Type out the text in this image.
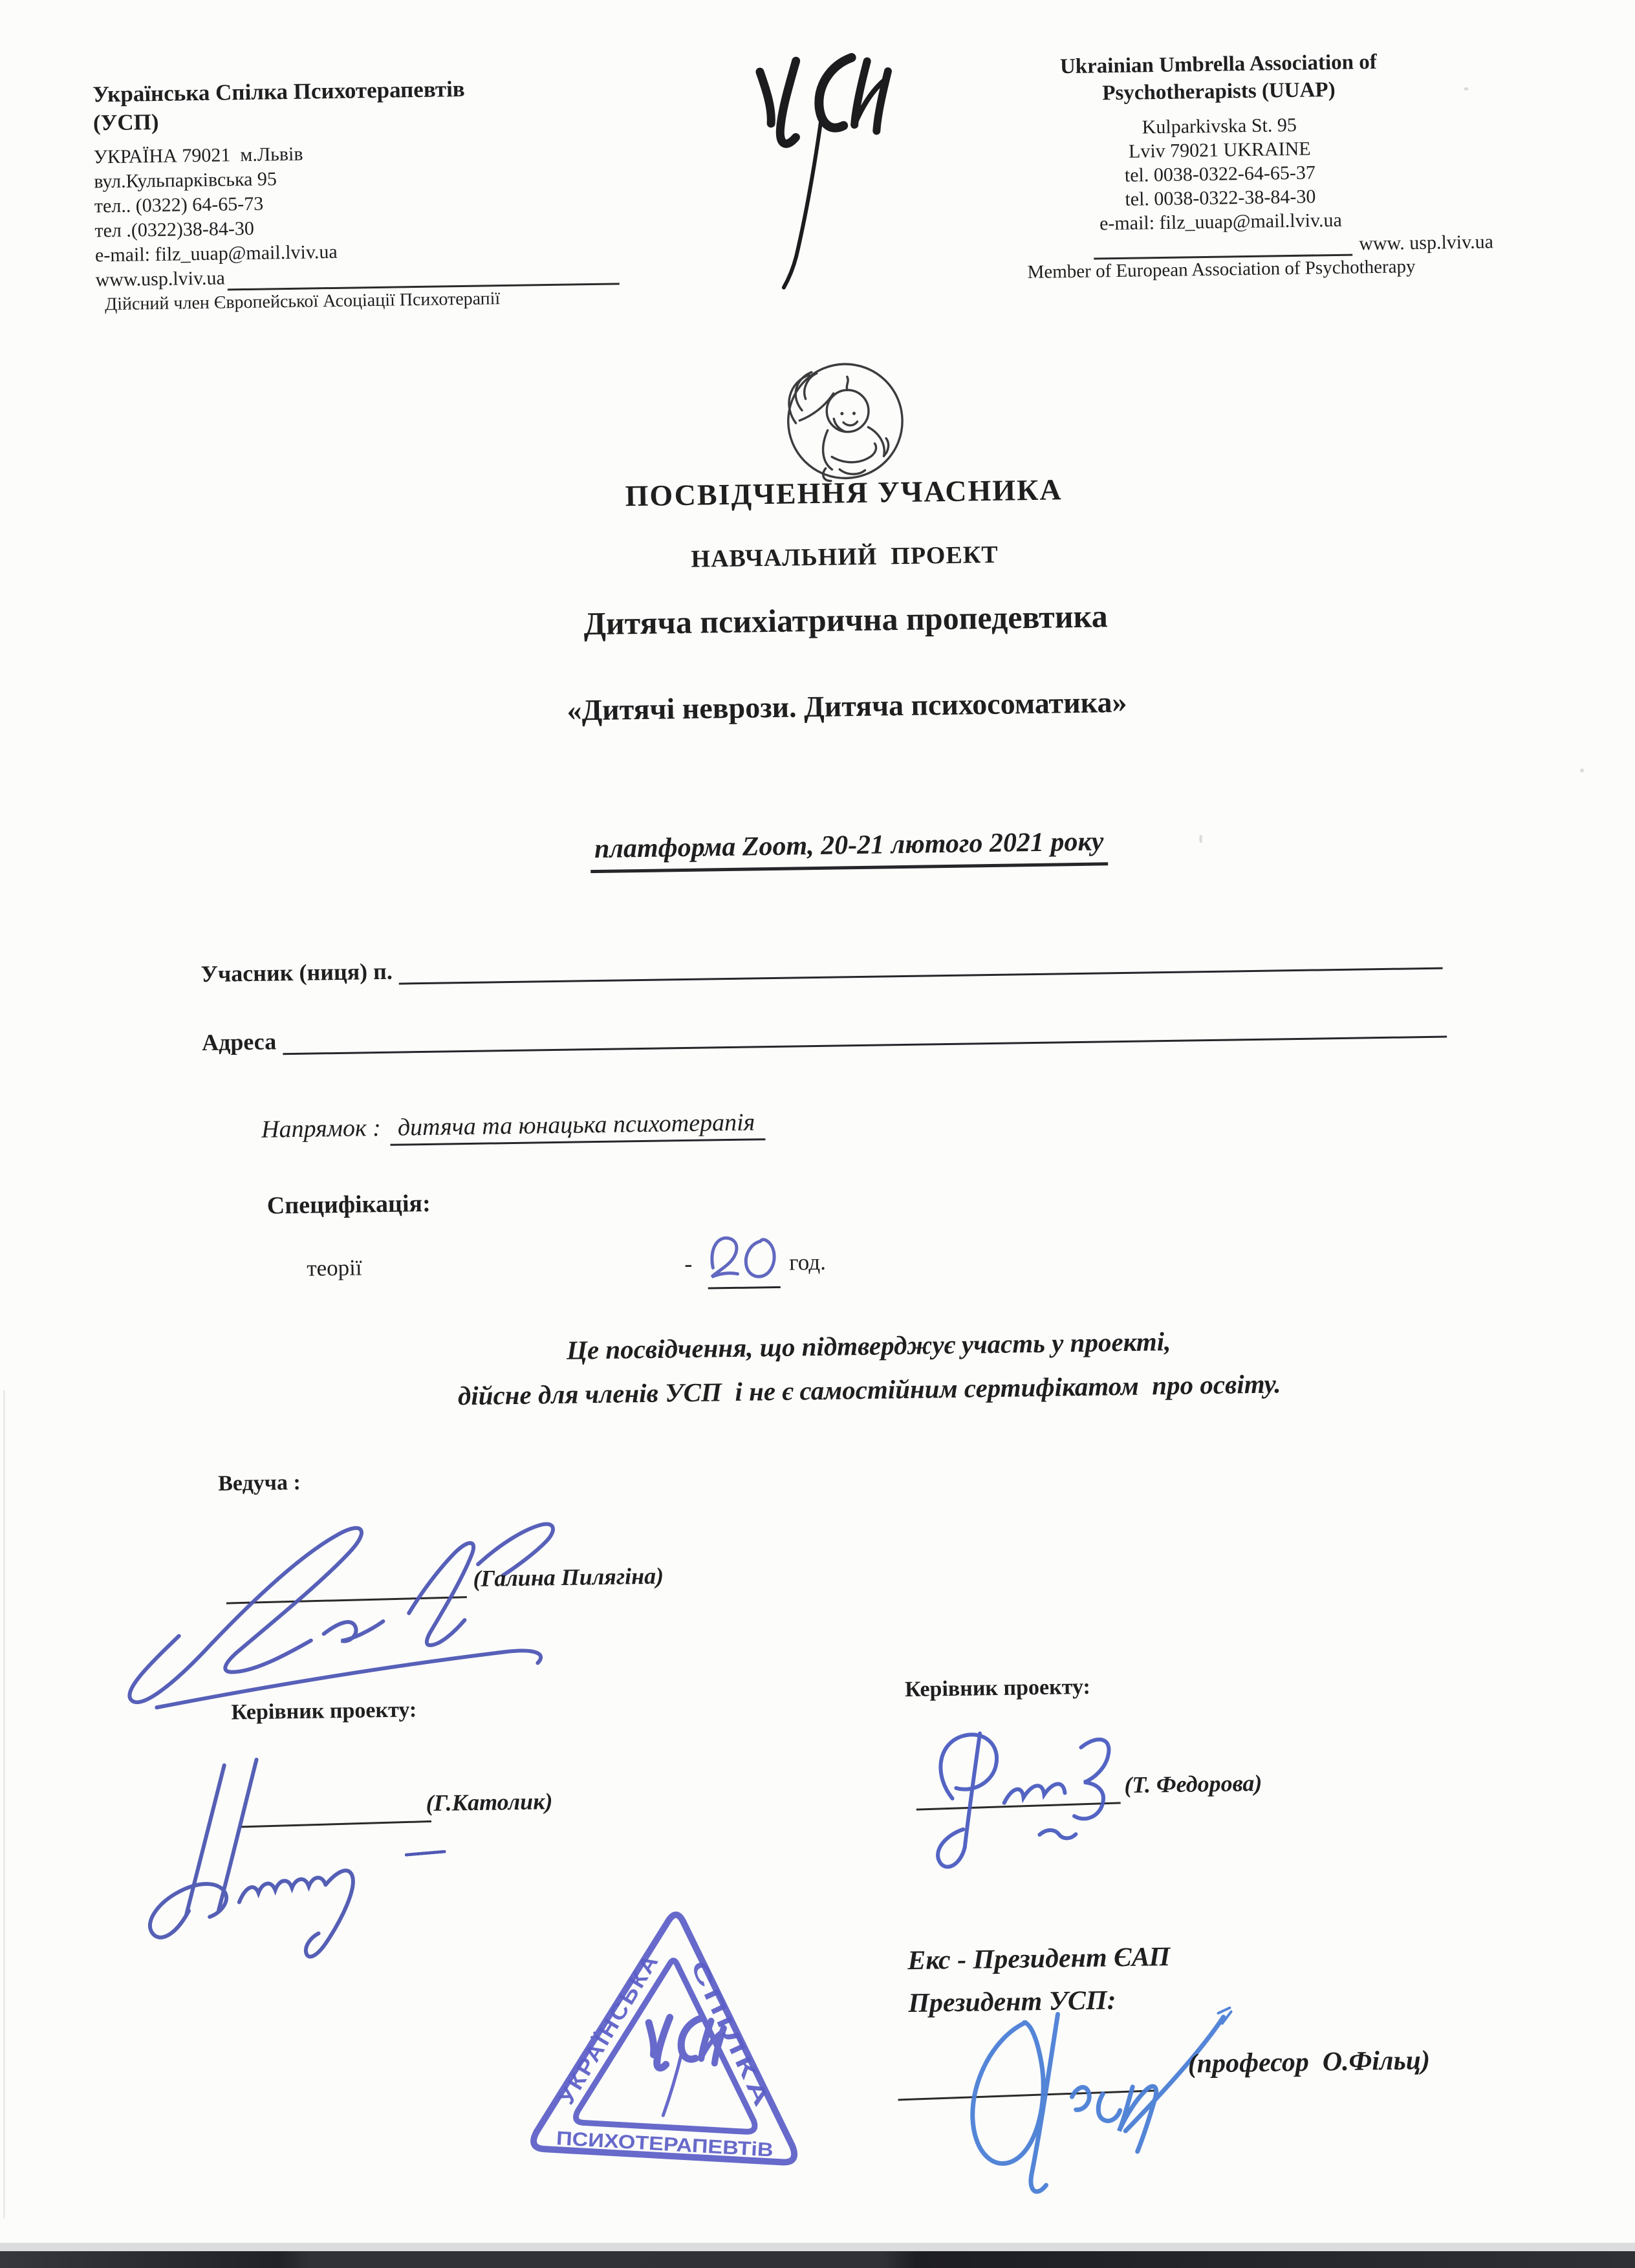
Українська Спілка Психотерапевтів
(УСП)
УКРАЇНА 79021  м.Львів
вул.Кульпарківська 95
тел.. (0322) 64-65-73
тел .(0322)38-84-30
e-mail: filz_uuap@mail.lviv.ua
www.usp.lviv.ua
Дійсний член Європейської Асоціації Психотерапії
Ukrainian Umbrella Association of
Psychotherapists (UUAP)
Kulparkivska St. 95
Lviv 79021 UKRAINE
tel. 0038-0322-64-65-37
tel. 0038-0322-38-84-30
e-mail: filz_uuap@mail.lviv.ua
www. usp.lviv.ua
Member of European Association of Psychotherapy
ПОСВІДЧЕННЯ УЧАСНИКА
НАВЧАЛЬНИЙ  ПРОЕКТ
Дитяча психіатрична пропедевтика
«Дитячі неврози. Дитяча психосоматика»
платформа Zoom, 20-21 лютого 2021 року
Учасник (ниця) п.
Адреса
Напрямок : дитяча та юнацька психотерапія
Специфікація:
теорії	-	год.
Це посвідчення, що підтверджує участь у проекті,
дійсне для членів УСП  і не є самостійним сертифікатом  про освіту.
Ведуча :
(Галина Пилягіна)
Керівник проекту:
(Г.Католик)
Керівник проекту:
(Т. Федорова)
УКРАЇНСЬКА	СПІЛКА
ПСИХОТЕРАПЕВТіВ
Екс - Президент ЄАП
Президент УСП:
(професор  О.Фільц)
